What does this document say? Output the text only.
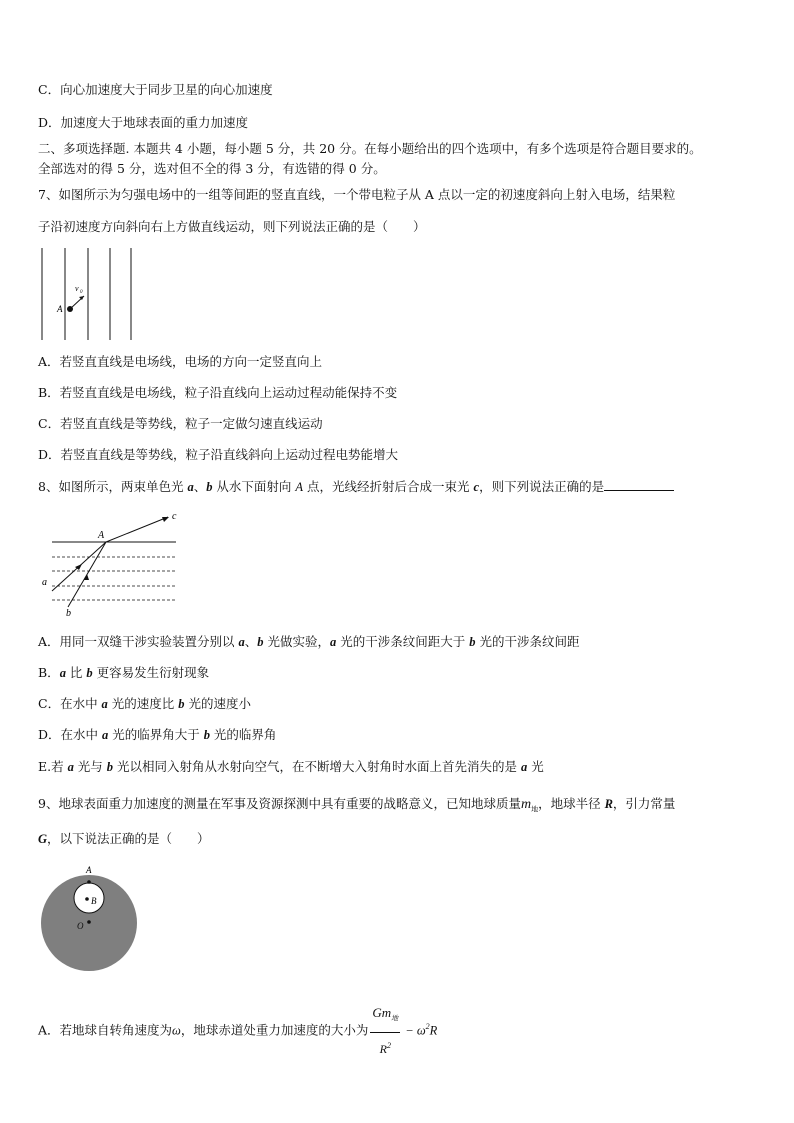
C．向心加速度大于同步卫星的向心加速度
D．加速度大于地球表面的重力加速度
二、多项选择题. 本题共 4 小题，每小题 5 分，共 20 分。在每小题给出的四个选项中，有多个选项是符合题目要求的。
全部选对的得 5 分，选对但不全的得 3 分，有选错的得 0 分。
7、如图所示为匀强电场中的一组等间距的竖直直线，一个带电粒子从 A 点以一定的初速度斜向上射入电场，结果粒
子沿初速度方向斜向右上方做直线运动，则下列说法正确的是（　　）
A
v 0
A．若竖直直线是电场线，电场的方向一定竖直向上
B．若竖直直线是电场线，粒子沿直线向上运动过程动能保持不变
C．若竖直直线是等势线，粒子一定做匀速直线运动
D．若竖直直线是等势线，粒子沿直线斜向上运动过程电势能增大
8、如图所示，两束单色光 a、b 从水下面射向 A 点，光线经折射后合成一束光 c，则下列说法正确的是
A
a
b
c
A．用同一双缝干涉实验装置分别以 a、b 光做实验，a 光的干涉条纹间距大于 b 光的干涉条纹间距
B．a 比 b 更容易发生衍射现象
C．在水中 a 光的速度比 b 光的速度小
D．在水中 a 光的临界角大于 b 光的临界角
E.若 a 光与 b 光以相同入射角从水射向空气，在不断增大入射角时水面上首先消失的是 a 光
9、地球表面重力加速度的测量在军事及资源探测中具有重要的战略意义，已知地球质量$m_地$，地球半径 R，引力常量
G，以下说法正确的是（　　）
A
B
O
A．若地球自转角速度为ω，地球赤道处重力加速度的大小为 $\frac{Gm_地}{R^2} - \omega^2R$
